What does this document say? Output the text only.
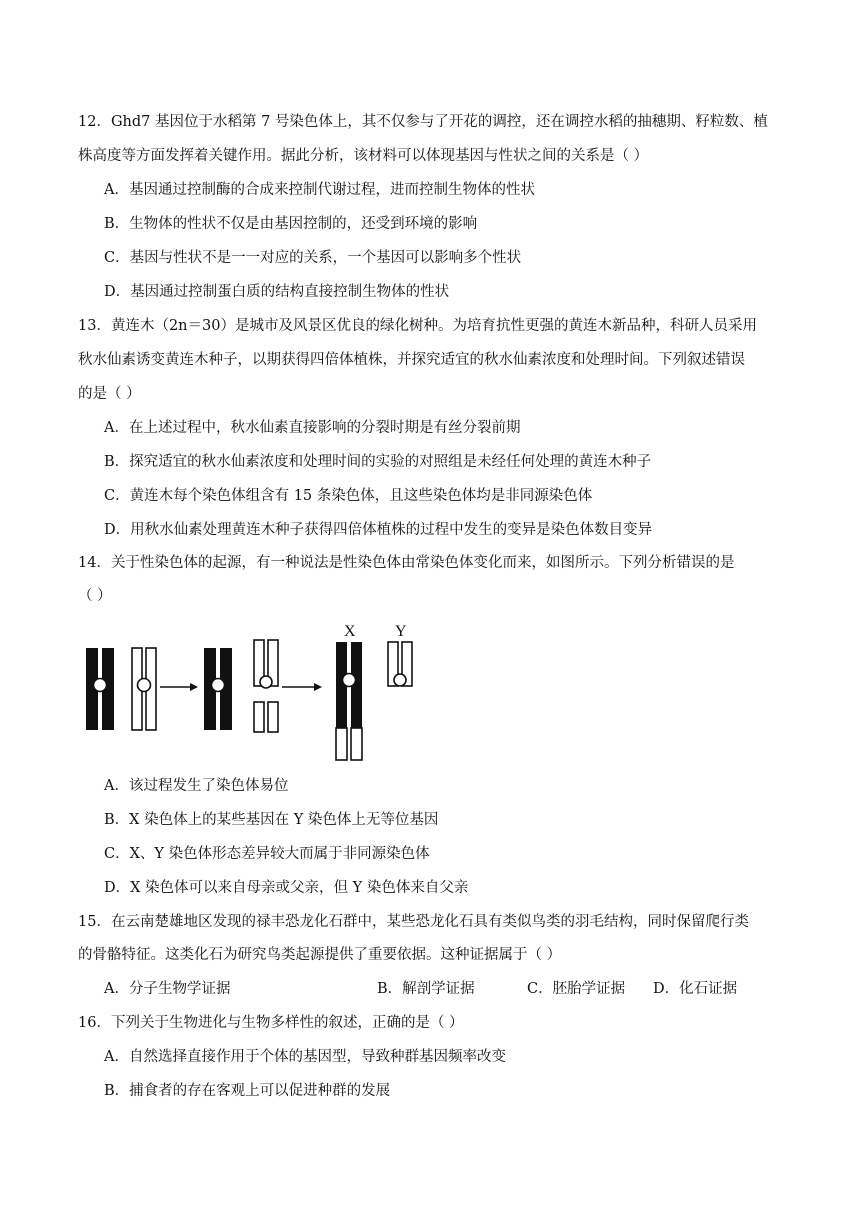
12．Ghd7 基因位于水稻第 7 号染色体上，其不仅参与了开花的调控，还在调控水稻的抽穗期、籽粒数、植
株高度等方面发挥着关键作用。据此分析，该材料可以体现基因与性状之间的关系是（ ）
A．基因通过控制酶的合成来控制代谢过程，进而控制生物体的性状
B．生物体的性状不仅是由基因控制的，还受到环境的影响
C．基因与性状不是一一对应的关系，一个基因可以影响多个性状
D．基因通过控制蛋白质的结构直接控制生物体的性状
13．黄连木（2n＝30）是城市及风景区优良的绿化树种。为培育抗性更强的黄连木新品种，科研人员采用
秋水仙素诱变黄连木种子，以期获得四倍体植株，并探究适宜的秋水仙素浓度和处理时间。下列叙述错误
的是（ ）
A．在上述过程中，秋水仙素直接影响的分裂时期是有丝分裂前期
B．探究适宜的秋水仙素浓度和处理时间的实验的对照组是未经任何处理的黄连木种子
C．黄连木每个染色体组含有 15 条染色体，且这些染色体均是非同源染色体
D．用秋水仙素处理黄连木种子获得四倍体植株的过程中发生的变异是染色体数目变异
14．关于性染色体的起源，有一种说法是性染色体由常染色体变化而来，如图所示。下列分析错误的是
（ ）
X Y
A．该过程发生了染色体易位
B．X 染色体上的某些基因在 Y 染色体上无等位基因
C．X、Y 染色体形态差异较大而属于非同源染色体
D．X 染色体可以来自母亲或父亲，但 Y 染色体来自父亲
15．在云南楚雄地区发现的禄丰恐龙化石群中，某些恐龙化石具有类似鸟类的羽毛结构，同时保留爬行类
的骨骼特征。这类化石为研究鸟类起源提供了重要依据。这种证据属于（ ）
A．分子生物学证据	B．解剖学证据	C．胚胎学证据 D．化石证据
16．下列关于生物进化与生物多样性的叙述，正确的是（ ）
A．自然选择直接作用于个体的基因型，导致种群基因频率改变
B．捕食者的存在客观上可以促进种群的发展
